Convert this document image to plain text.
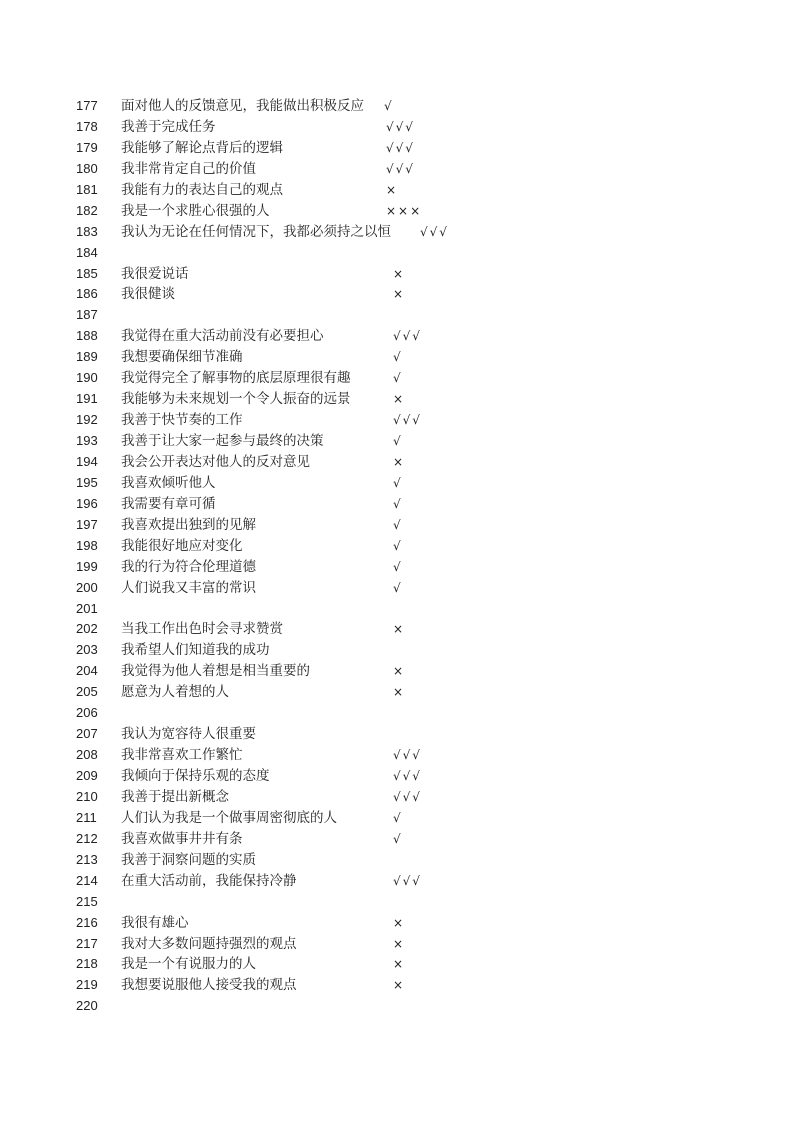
177	面对他人的反馈意见，我能做出积极反应 √
178	我善于完成任务	√√√
179	我能够了解论点背后的逻辑	√√√
180	我非常肯定自己的价值	√√√
181	我能有力的表达自己的观点	×
182	我是一个求胜心很强的人	×××
183	我认为无论在任何情况下，我都必须持之以恒 √√√
184
185	我很爱说话	×
186	我很健谈	×
187
188	我觉得在重大活动前没有必要担心	√√√
189	我想要确保细节准确	√
190	我觉得完全了解事物的底层原理很有趣	√
191	我能够为未来规划一个令人振奋的远景	×
192	我善于快节奏的工作	√√√
193	我善于让大家一起参与最终的决策	√
194	我会公开表达对他人的反对意见	×
195	我喜欢倾听他人	√
196	我需要有章可循	√
197	我喜欢提出独到的见解	√
198	我能很好地应对变化	√
199	我的行为符合伦理道德	√
200	人们说我又丰富的常识	√
201
202	当我工作出色时会寻求赞赏	×
203	我希望人们知道我的成功
204	我觉得为他人着想是相当重要的	×
205	愿意为人着想的人	×
206
207	我认为宽容待人很重要
208	我非常喜欢工作繁忙	√√√
209	我倾向于保持乐观的态度	√√√
210	我善于提出新概念	√√√
211	人们认为我是一个做事周密彻底的人	√
212	我喜欢做事井井有条	√
213	我善于洞察问题的实质
214	在重大活动前，我能保持冷静	√√√
215
216	我很有雄心	×
217	我对大多数问题持强烈的观点	×
218	我是一个有说服力的人	×
219	我想要说服他人接受我的观点	×
220
